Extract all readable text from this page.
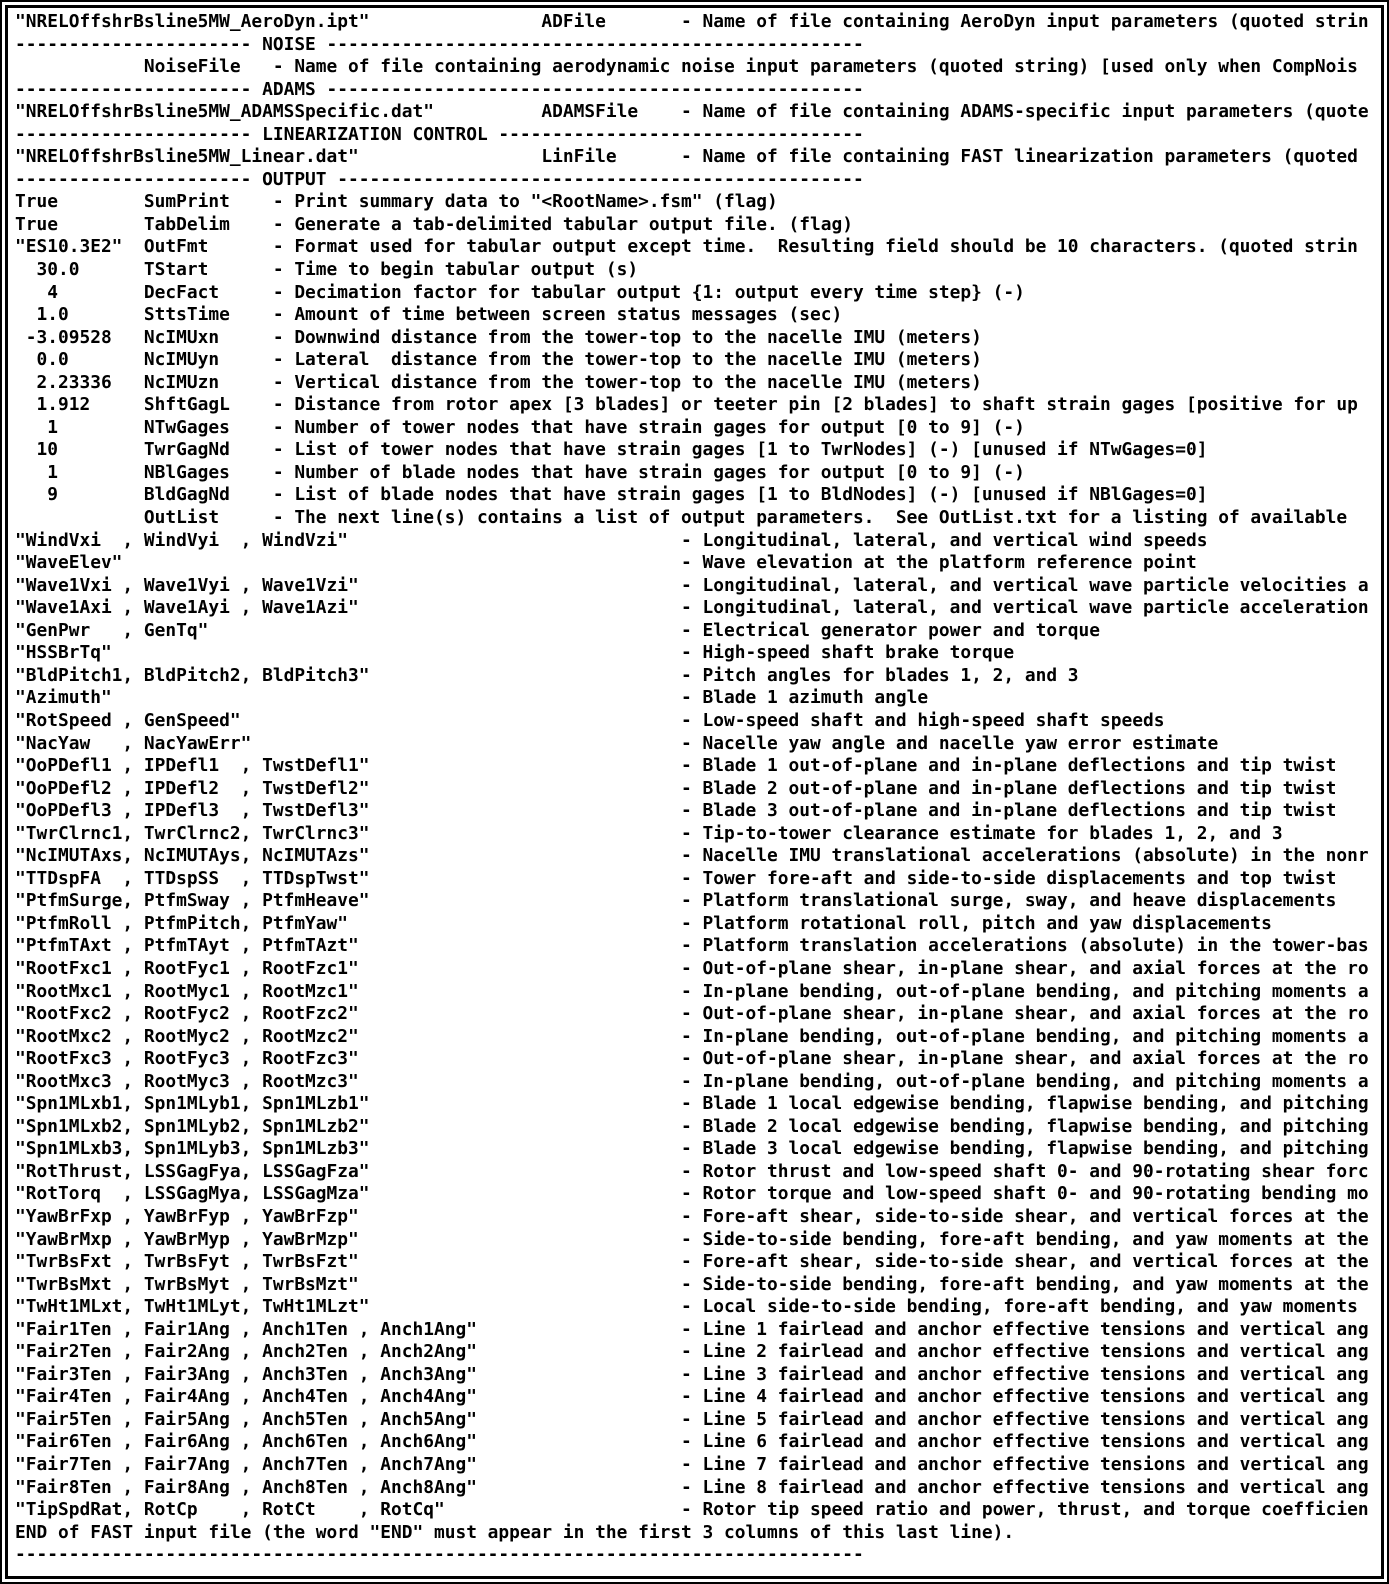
"NRELOffshrBsline5MW_AeroDyn.ipt"                ADFile       - Name of file containing AeroDyn input parameters (quoted strin
---------------------- NOISE --------------------------------------------------
NoiseFile   - Name of file containing aerodynamic noise input parameters (quoted string) [used only when CompNois
---------------------- ADAMS --------------------------------------------------
"NRELOffshrBsline5MW_ADAMSSpecific.dat"          ADAMSFile    - Name of file containing ADAMS-specific input parameters (quote
---------------------- LINEARIZATION CONTROL ----------------------------------
"NRELOffshrBsline5MW_Linear.dat"                 LinFile      - Name of file containing FAST linearization parameters (quoted
---------------------- OUTPUT -------------------------------------------------
True        SumPrint    - Print summary data to "<RootName>.fsm" (flag)
True        TabDelim    - Generate a tab-delimited tabular output file. (flag)
"ES10.3E2"  OutFmt      - Format used for tabular output except time.  Resulting field should be 10 characters. (quoted strin
30.0      TStart      - Time to begin tabular output (s)
4        DecFact     - Decimation factor for tabular output {1: output every time step} (-)
1.0       SttsTime    - Amount of time between screen status messages (sec)
-3.09528   NcIMUxn     - Downwind distance from the tower-top to the nacelle IMU (meters)
0.0       NcIMUyn     - Lateral  distance from the tower-top to the nacelle IMU (meters)
2.23336   NcIMUzn     - Vertical distance from the tower-top to the nacelle IMU (meters)
1.912     ShftGagL    - Distance from rotor apex [3 blades] or teeter pin [2 blades] to shaft strain gages [positive for up
1        NTwGages    - Number of tower nodes that have strain gages for output [0 to 9] (-)
10        TwrGagNd    - List of tower nodes that have strain gages [1 to TwrNodes] (-) [unused if NTwGages=0]
1        NBlGages    - Number of blade nodes that have strain gages for output [0 to 9] (-)
9        BldGagNd    - List of blade nodes that have strain gages [1 to BldNodes] (-) [unused if NBlGages=0]
OutList     - The next line(s) contains a list of output parameters.  See OutList.txt for a listing of available
"WindVxi  , WindVyi  , WindVzi"                               - Longitudinal, lateral, and vertical wind speeds
"WaveElev"                                                    - Wave elevation at the platform reference point
"Wave1Vxi , Wave1Vyi , Wave1Vzi"                              - Longitudinal, lateral, and vertical wave particle velocities a
"Wave1Axi , Wave1Ayi , Wave1Azi"                              - Longitudinal, lateral, and vertical wave particle acceleration
"GenPwr   , GenTq"                                            - Electrical generator power and torque
"HSSBrTq"                                                     - High-speed shaft brake torque
"BldPitch1, BldPitch2, BldPitch3"                             - Pitch angles for blades 1, 2, and 3
"Azimuth"                                                     - Blade 1 azimuth angle
"RotSpeed , GenSpeed"                                         - Low-speed shaft and high-speed shaft speeds
"NacYaw   , NacYawErr"                                        - Nacelle yaw angle and nacelle yaw error estimate
"OoPDefl1 , IPDefl1  , TwstDefl1"                             - Blade 1 out-of-plane and in-plane deflections and tip twist
"OoPDefl2 , IPDefl2  , TwstDefl2"                             - Blade 2 out-of-plane and in-plane deflections and tip twist
"OoPDefl3 , IPDefl3  , TwstDefl3"                             - Blade 3 out-of-plane and in-plane deflections and tip twist
"TwrClrnc1, TwrClrnc2, TwrClrnc3"                             - Tip-to-tower clearance estimate for blades 1, 2, and 3
"NcIMUTAxs, NcIMUTAys, NcIMUTAzs"                             - Nacelle IMU translational accelerations (absolute) in the nonr
"TTDspFA  , TTDspSS  , TTDspTwst"                             - Tower fore-aft and side-to-side displacements and top twist
"PtfmSurge, PtfmSway , PtfmHeave"                             - Platform translational surge, sway, and heave displacements
"PtfmRoll , PtfmPitch, PtfmYaw"                               - Platform rotational roll, pitch and yaw displacements
"PtfmTAxt , PtfmTAyt , PtfmTAzt"                              - Platform translation accelerations (absolute) in the tower-bas
"RootFxc1 , RootFyc1 , RootFzc1"                              - Out-of-plane shear, in-plane shear, and axial forces at the ro
"RootMxc1 , RootMyc1 , RootMzc1"                              - In-plane bending, out-of-plane bending, and pitching moments a
"RootFxc2 , RootFyc2 , RootFzc2"                              - Out-of-plane shear, in-plane shear, and axial forces at the ro
"RootMxc2 , RootMyc2 , RootMzc2"                              - In-plane bending, out-of-plane bending, and pitching moments a
"RootFxc3 , RootFyc3 , RootFzc3"                              - Out-of-plane shear, in-plane shear, and axial forces at the ro
"RootMxc3 , RootMyc3 , RootMzc3"                              - In-plane bending, out-of-plane bending, and pitching moments a
"Spn1MLxb1, Spn1MLyb1, Spn1MLzb1"                             - Blade 1 local edgewise bending, flapwise bending, and pitching
"Spn1MLxb2, Spn1MLyb2, Spn1MLzb2"                             - Blade 2 local edgewise bending, flapwise bending, and pitching
"Spn1MLxb3, Spn1MLyb3, Spn1MLzb3"                             - Blade 3 local edgewise bending, flapwise bending, and pitching
"RotThrust, LSSGagFya, LSSGagFza"                             - Rotor thrust and low-speed shaft 0- and 90-rotating shear forc
"RotTorq  , LSSGagMya, LSSGagMza"                             - Rotor torque and low-speed shaft 0- and 90-rotating bending mo
"YawBrFxp , YawBrFyp , YawBrFzp"                              - Fore-aft shear, side-to-side shear, and vertical forces at the
"YawBrMxp , YawBrMyp , YawBrMzp"                              - Side-to-side bending, fore-aft bending, and yaw moments at the
"TwrBsFxt , TwrBsFyt , TwrBsFzt"                              - Fore-aft shear, side-to-side shear, and vertical forces at the
"TwrBsMxt , TwrBsMyt , TwrBsMzt"                              - Side-to-side bending, fore-aft bending, and yaw moments at the
"TwHt1MLxt, TwHt1MLyt, TwHt1MLzt"                             - Local side-to-side bending, fore-aft bending, and yaw moments
"Fair1Ten , Fair1Ang , Anch1Ten , Anch1Ang"                   - Line 1 fairlead and anchor effective tensions and vertical ang
"Fair2Ten , Fair2Ang , Anch2Ten , Anch2Ang"                   - Line 2 fairlead and anchor effective tensions and vertical ang
"Fair3Ten , Fair3Ang , Anch3Ten , Anch3Ang"                   - Line 3 fairlead and anchor effective tensions and vertical ang
"Fair4Ten , Fair4Ang , Anch4Ten , Anch4Ang"                   - Line 4 fairlead and anchor effective tensions and vertical ang
"Fair5Ten , Fair5Ang , Anch5Ten , Anch5Ang"                   - Line 5 fairlead and anchor effective tensions and vertical ang
"Fair6Ten , Fair6Ang , Anch6Ten , Anch6Ang"                   - Line 6 fairlead and anchor effective tensions and vertical ang
"Fair7Ten , Fair7Ang , Anch7Ten , Anch7Ang"                   - Line 7 fairlead and anchor effective tensions and vertical ang
"Fair8Ten , Fair8Ang , Anch8Ten , Anch8Ang"                   - Line 8 fairlead and anchor effective tensions and vertical ang
"TipSpdRat, RotCp    , RotCt    , RotCq"                      - Rotor tip speed ratio and power, thrust, and torque coefficien
END of FAST input file (the word "END" must appear in the first 3 columns of this last line).
-------------------------------------------------------------------------------
